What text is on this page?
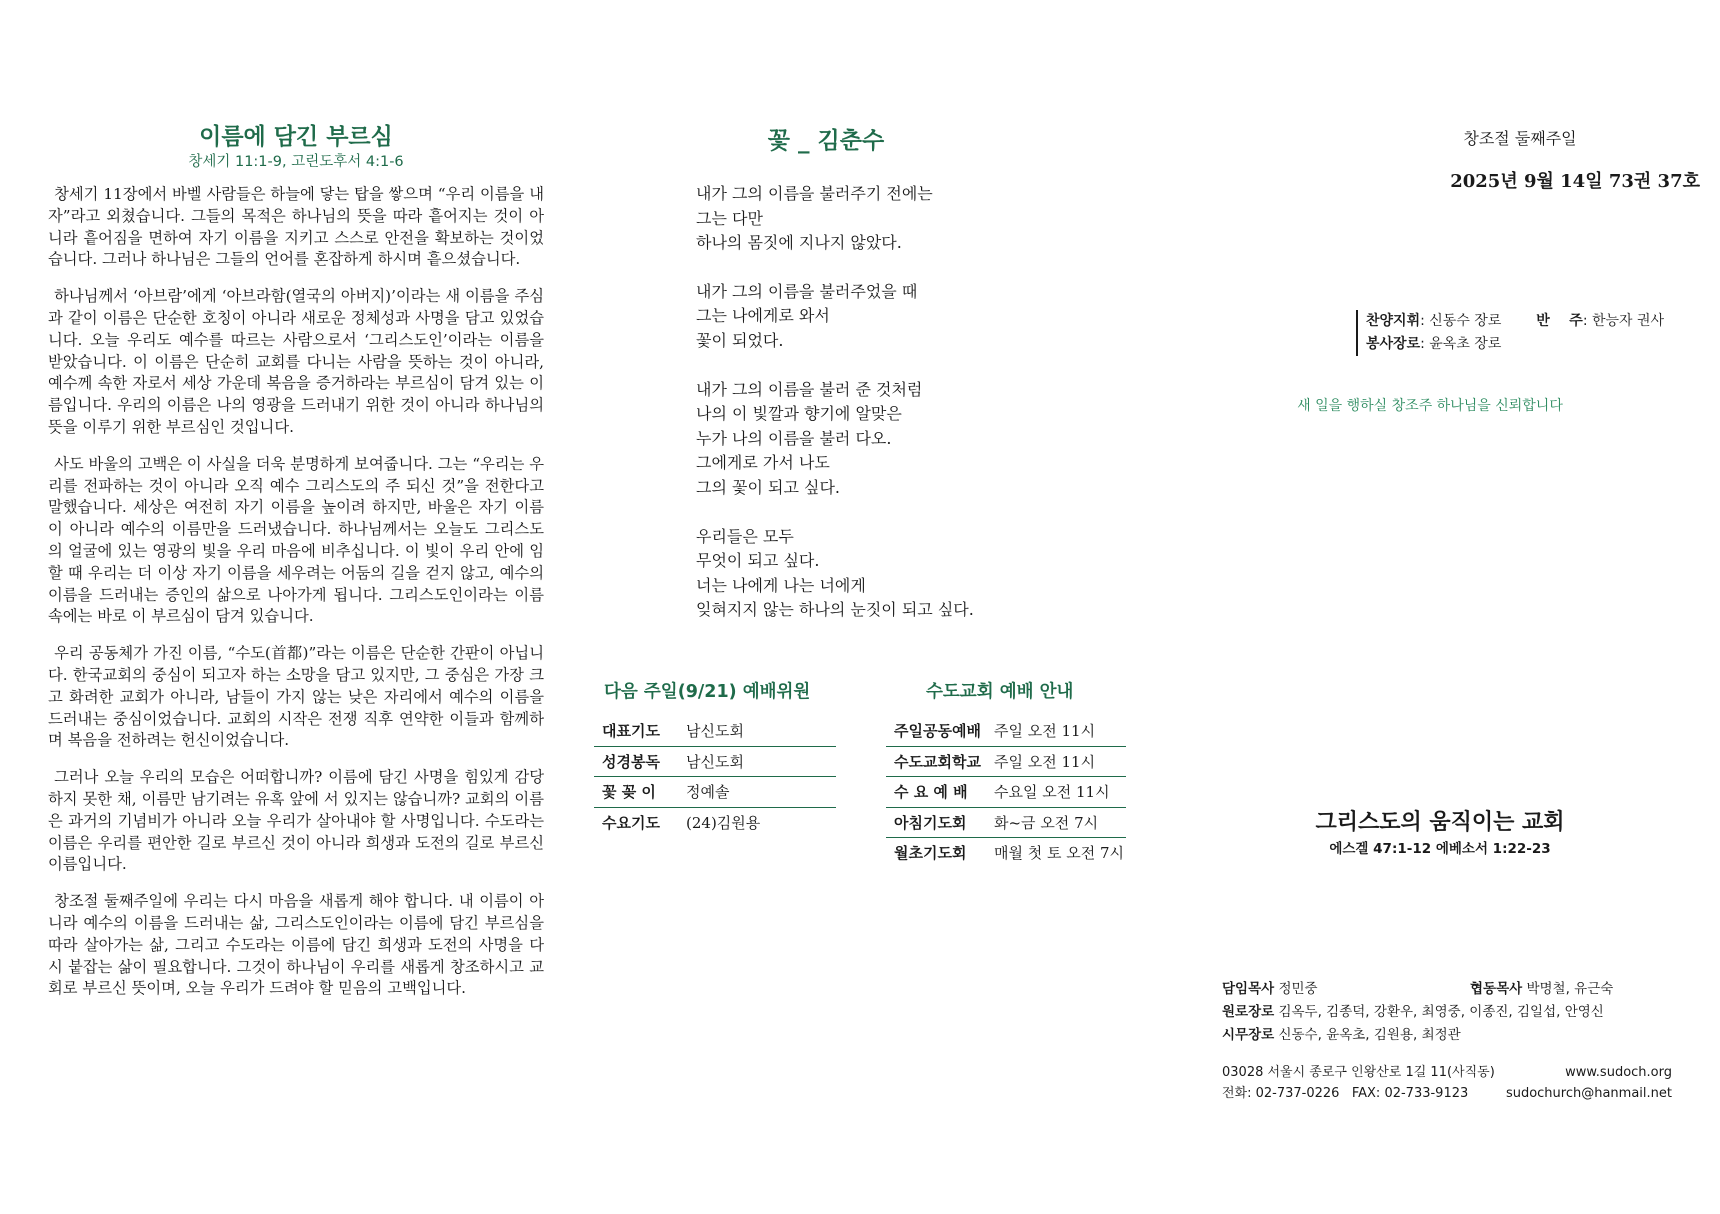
이름에 담긴 부르심
창세기 11:1-9, 고린도후서 4:1-6

창세기 11장에서 바벨 사람들은 하늘에 닿는 탑을 쌓으며 “우리 이름을 내자”라고 외쳤습니다. 그들의 목적은 하나님의 뜻을 따라 흩어지는 것이 아니라 흩어짐을 면하여 자기 이름을 지키고 스스로 안전을 확보하는 것이었습니다. 그러나 하나님은 그들의 언어를 혼잡하게 하시며 흩으셨습니다.

하나님께서 ‘아브람’에게 ‘아브라함(열국의 아버지)’이라는 새 이름을 주심과 같이 이름은 단순한 호칭이 아니라 새로운 정체성과 사명을 담고 있었습니다. 오늘 우리도 예수를 따르는 사람으로서 ‘그리스도인’이라는 이름을 받았습니다. 이 이름은 단순히 교회를 다니는 사람을 뜻하는 것이 아니라, 예수께 속한 자로서 세상 가운데 복음을 증거하라는 부르심이 담겨 있는 이름입니다. 우리의 이름은 나의 영광을 드러내기 위한 것이 아니라 하나님의 뜻을 이루기 위한 부르심인 것입니다.

사도 바울의 고백은 이 사실을 더욱 분명하게 보여줍니다. 그는 “우리는 우리를 전파하는 것이 아니라 오직 예수 그리스도의 주 되신 것”을 전한다고 말했습니다. 세상은 여전히 자기 이름을 높이려 하지만, 바울은 자기 이름이 아니라 예수의 이름만을 드러냈습니다. 하나님께서는 오늘도 그리스도의 얼굴에 있는 영광의 빛을 우리 마음에 비추십니다. 이 빛이 우리 안에 임할 때 우리는 더 이상 자기 이름을 세우려는 어둠의 길을 걷지 않고, 예수의 이름을 드러내는 증인의 삶으로 나아가게 됩니다. 그리스도인이라는 이름 속에는 바로 이 부르심이 담겨 있습니다.

우리 공동체가 가진 이름, “수도(首都)”라는 이름은 단순한 간판이 아닙니다. 한국교회의 중심이 되고자 하는 소망을 담고 있지만, 그 중심은 가장 크고 화려한 교회가 아니라, 남들이 가지 않는 낮은 자리에서 예수의 이름을 드러내는 중심이었습니다. 교회의 시작은 전쟁 직후 연약한 이들과 함께하며 복음을 전하려는 헌신이었습니다.

그러나 오늘 우리의 모습은 어떠합니까? 이름에 담긴 사명을 힘있게 감당하지 못한 채, 이름만 남기려는 유혹 앞에 서 있지는 않습니까? 교회의 이름은 과거의 기념비가 아니라 오늘 우리가 살아내야 할 사명입니다. 수도라는 이름은 우리를 편안한 길로 부르신 것이 아니라 희생과 도전의 길로 부르신 이름입니다.

창조절 둘째주일에 우리는 다시 마음을 새롭게 해야 합니다. 내 이름이 아니라 예수의 이름을 드러내는 삶, 그리스도인이라는 이름에 담긴 부르심을 따라 살아가는 삶, 그리고 수도라는 이름에 담긴 희생과 도전의 사명을 다시 붙잡는 삶이 필요합니다. 그것이 하나님이 우리를 새롭게 창조하시고 교회로 부르신 뜻이며, 오늘 우리가 드려야 할 믿음의 고백입니다.

꽃 _ 김춘수
내가 그의 이름을 불러주기 전에는
그는 다만
하나의 몸짓에 지나지 않았다.
내가 그의 이름을 불러주었을 때
그는 나에게로 와서
꽃이 되었다.
내가 그의 이름을 불러 준 것처럼
나의 이 빛깔과 향기에 알맞은
누가 나의 이름을 불러 다오.
그에게로 가서 나도
그의 꽃이 되고 싶다.
우리들은 모두
무엇이 되고 싶다.
너는 나에게 나는 너에게
잊혀지지 않는 하나의 눈짓이 되고 싶다.
다음 주일(9/21) 예배위원
대표기도	남신도회
성경봉독	남신도회
꽃 꽂 이	정예솔
수요기도	(24)김원용
수도교회 예배 안내
주일공동예배 주일 오전 11시
수도교회학교 주일 오전 11시
수 요 예 배	수요일 오전 11시
아침기도회	화~금 오전 7시
월초기도회	매월 첫 토 오전 7시
창조절 둘째주일
2025년 9월 14일 73권 37호
찬양지휘: 신동수 장로 반    주: 한능자 권사
봉사장로: 윤옥초 장로
새 일을 행하실 창조주 하나님을 신뢰합니다
그리스도의 움직이는 교회
에스겔 47:1-12 에베소서 1:22-23
담임목사 정민중	협동목사 박명철, 유근숙
원로장로 김옥두, 김종덕, 강환우, 최영중, 이종진, 김일섭, 안영신
시무장로 신동수, 윤옥초, 김원용, 최정관
03028 서울시 종로구 인왕산로 1길 11(사직동)	www.sudoch.org
전화: 02-737-0226   FAX: 02-733-9123	sudochurch@hanmail.net
